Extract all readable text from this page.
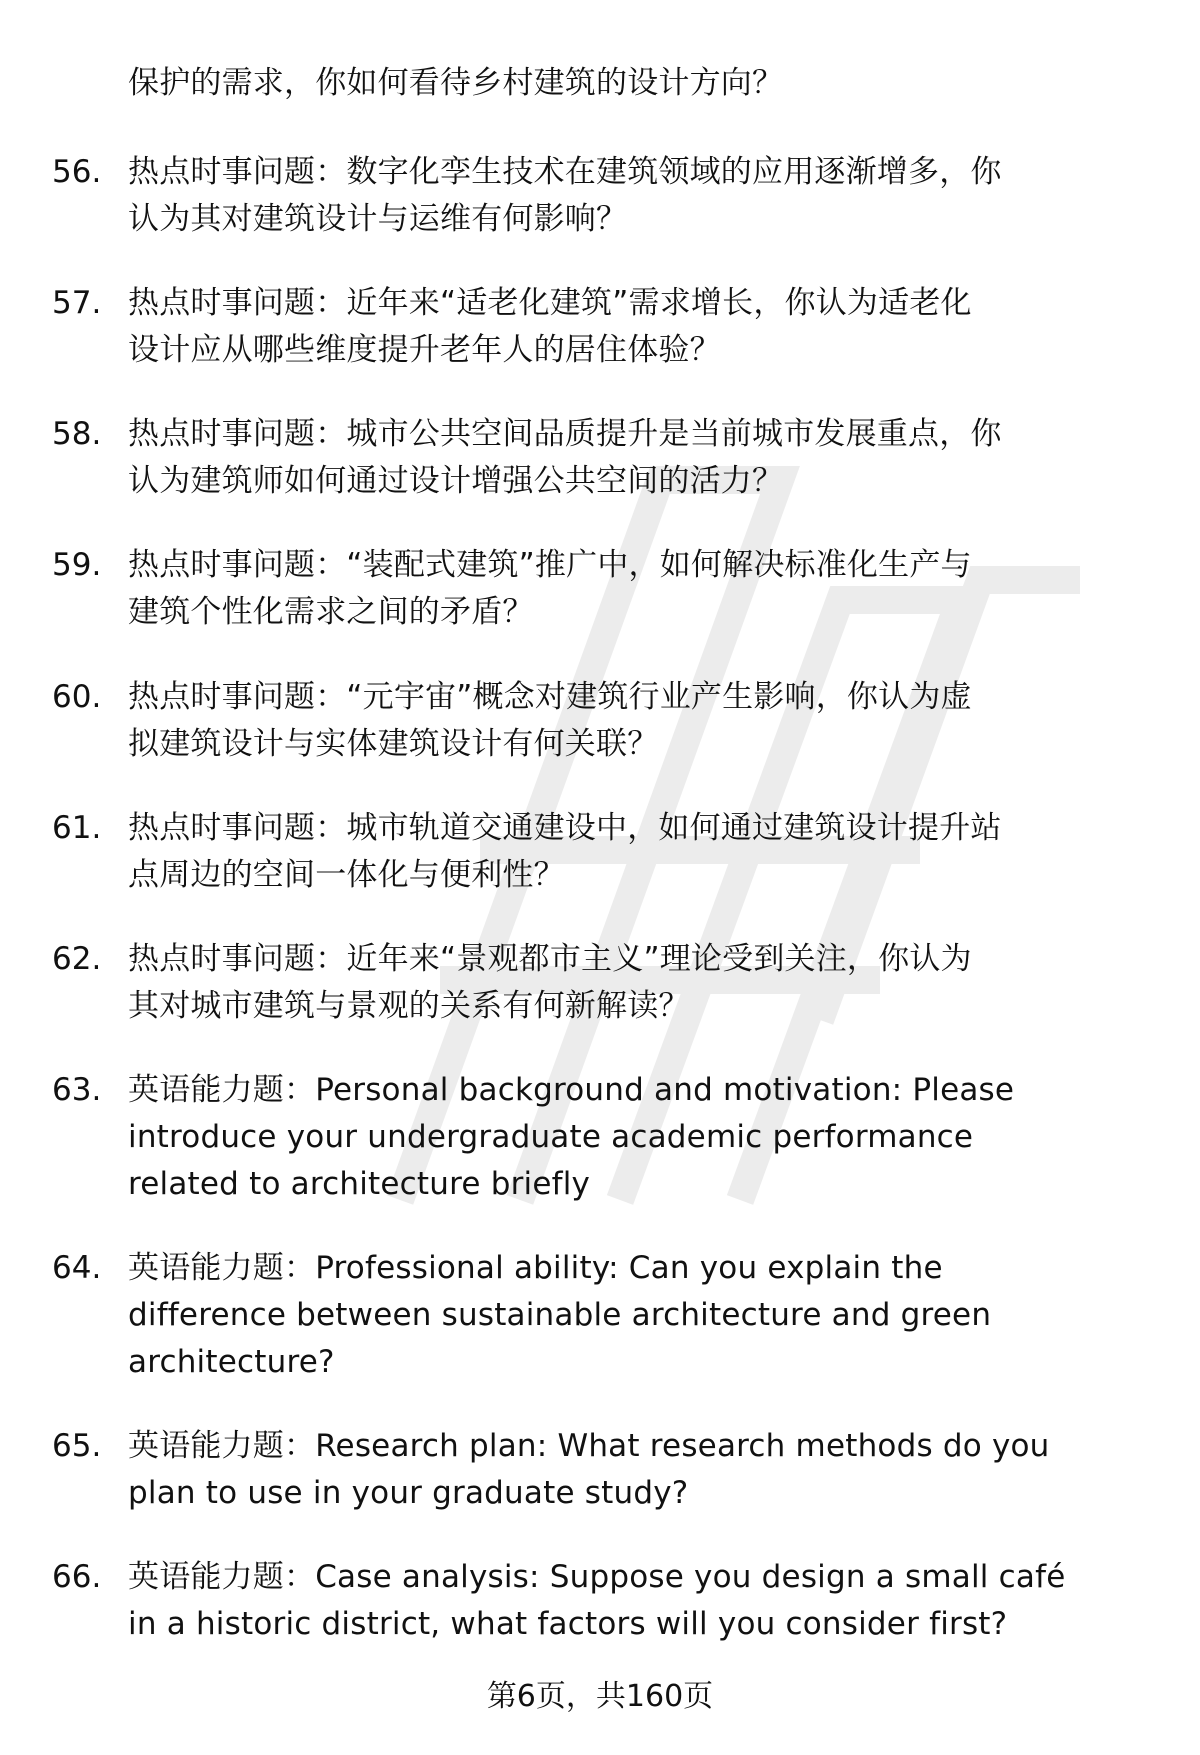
保护的需求，你如何看待乡村建筑的设计方向？
56. 热点时事问题：数字化孪生技术在建筑领域的应用逐渐增多，你
认为其对建筑设计与运维有何影响？
57. 热点时事问题：近年来“适老化建筑”需求增长，你认为适老化
设计应从哪些维度提升老年人的居住体验？
58. 热点时事问题：城市公共空间品质提升是当前城市发展重点，你
认为建筑师如何通过设计增强公共空间的活力？
59. 热点时事问题：“装配式建筑”推广中，如何解决标准化生产与
建筑个性化需求之间的矛盾？
60. 热点时事问题：“元宇宙”概念对建筑行业产生影响，你认为虚
拟建筑设计与实体建筑设计有何关联？
61. 热点时事问题：城市轨道交通建设中，如何通过建筑设计提升站
点周边的空间一体化与便利性？
62. 热点时事问题：近年来“景观都市主义”理论受到关注，你认为
其对城市建筑与景观的关系有何新解读？
63. 英语能力题：Personal background and motivation: Please
introduce your undergraduate academic performance
related to architecture briefly
64. 英语能力题：Professional ability: Can you explain the
difference between sustainable architecture and green
architecture?
65. 英语能力题：Research plan: What research methods do you
plan to use in your graduate study?
66. 英语能力题：Case analysis: Suppose you design a small café
in a historic district, what factors will you consider first?
第6页，共160页
